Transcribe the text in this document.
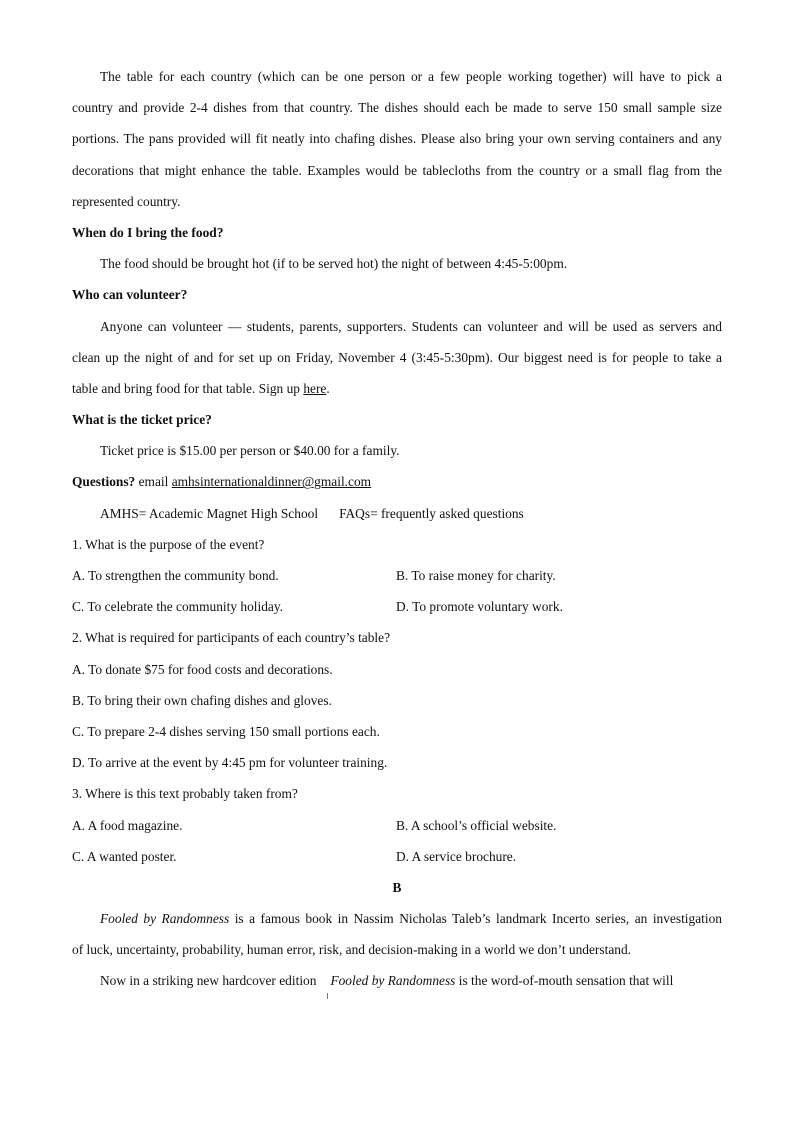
The table for each country (which can be one person or a few people working together) will have to pick a
country and provide 2-4 dishes from that country. The dishes should each be made to serve 150 small sample size
portions. The pans provided will fit neatly into chafing dishes. Please also bring your own serving containers and any
decorations that might enhance the table. Examples would be tablecloths from the country or a small flag from the
represented country.
When do I bring the food?
The food should be brought hot (if to be served hot) the night of between 4:45-5:00pm.
Who can volunteer?
Anyone can volunteer — students, parents, supporters. Students can volunteer and will be used as servers and
clean up the night of and for set up on Friday, November 4 (3:45-5:30pm). Our biggest need is for people to take a
table and bring food for that table. Sign up here.
What is the ticket price?
Ticket price is $15.00 per person or $40.00 for a family.
Questions? email amhsinternationaldinner@gmail.com
AMHS= Academic Magnet High School FAQs= frequently asked questions
1. What is the purpose of the event?
A. To strengthen the community bond.	B. To raise money for charity.
C. To celebrate the community holiday.	D. To promote voluntary work.
2. What is required for participants of each country’s table?
A. To donate $75 for food costs and decorations.
B. To bring their own chafing dishes and gloves.
C. To prepare 2-4 dishes serving 150 small portions each.
D. To arrive at the event by 4:45 pm for volunteer training.
3. Where is this text probably taken from?
A. A food magazine.	B. A school’s official website.
C. A wanted poster.	D. A service brochure.
B
Fooled by Randomness is a famous book in Nassim Nicholas Taleb’s landmark Incerto series, an investigation
of luck, uncertainty, probability, human error, risk, and decision-making in a world we don’t understand.
Now in a striking new hardcover edition Fooled by Randomness is the word-of-mouth sensation that will
